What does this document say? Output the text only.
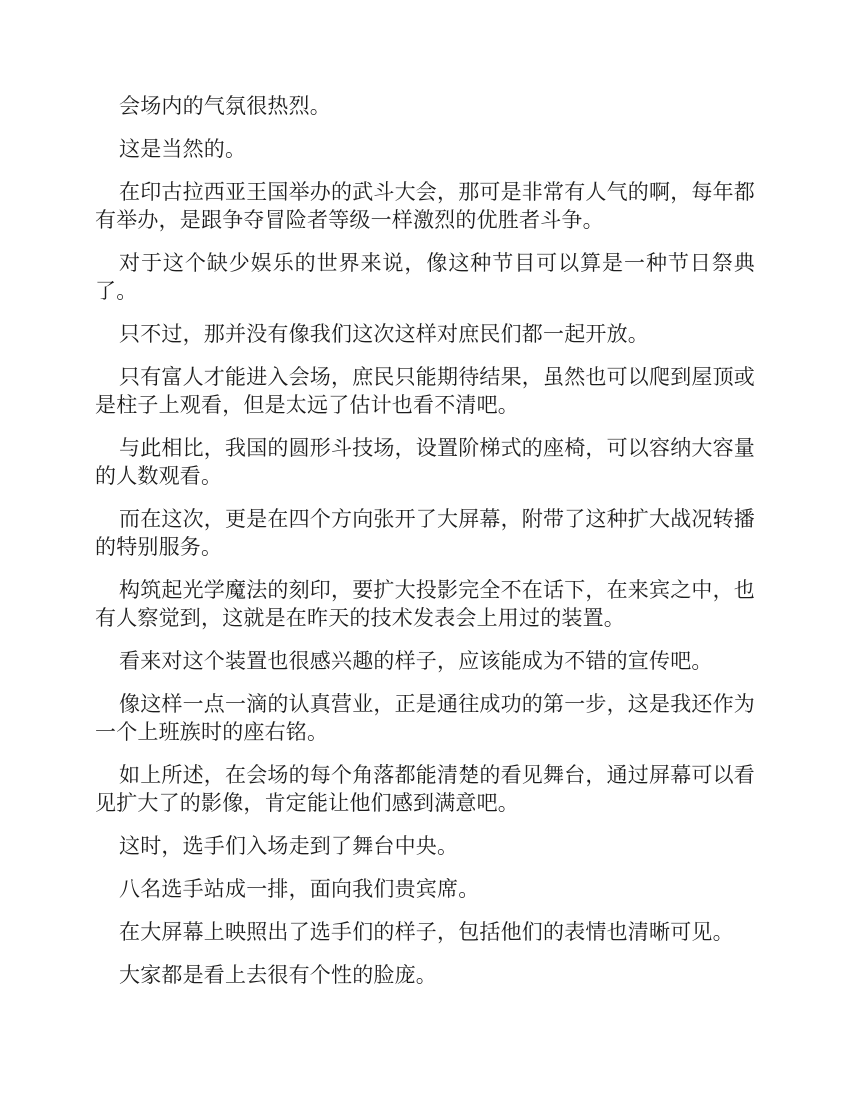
会场内的气氛很热烈。

这是当然的。

在印古拉西亚王国举办的武斗大会，那可是非常有人气的啊，每年都有举办，是跟争夺冒险者等级一样激烈的优胜者斗争。

对于这个缺少娱乐的世界来说，像这种节目可以算是一种节日祭典了。

只不过，那并没有像我们这次这样对庶民们都一起开放。

只有富人才能进入会场，庶民只能期待结果，虽然也可以爬到屋顶或是柱子上观看，但是太远了估计也看不清吧。

与此相比，我国的圆形斗技场，设置阶梯式的座椅，可以容纳大容量的人数观看。

而在这次，更是在四个方向张开了大屏幕，附带了这种扩大战况转播的特别服务。

构筑起光学魔法的刻印，要扩大投影完全不在话下，在来宾之中，也有人察觉到，这就是在昨天的技术发表会上用过的装置。

看来对这个装置也很感兴趣的样子，应该能成为不错的宣传吧。

像这样一点一滴的认真营业，正是通往成功的第一步，这是我还作为一个上班族时的座右铭。

如上所述，在会场的每个角落都能清楚的看见舞台，通过屏幕可以看见扩大了的影像，肯定能让他们感到满意吧。

这时，选手们入场走到了舞台中央。

八名选手站成一排，面向我们贵宾席。

在大屏幕上映照出了选手们的样子，包括他们的表情也清晰可见。

大家都是看上去很有个性的脸庞。
